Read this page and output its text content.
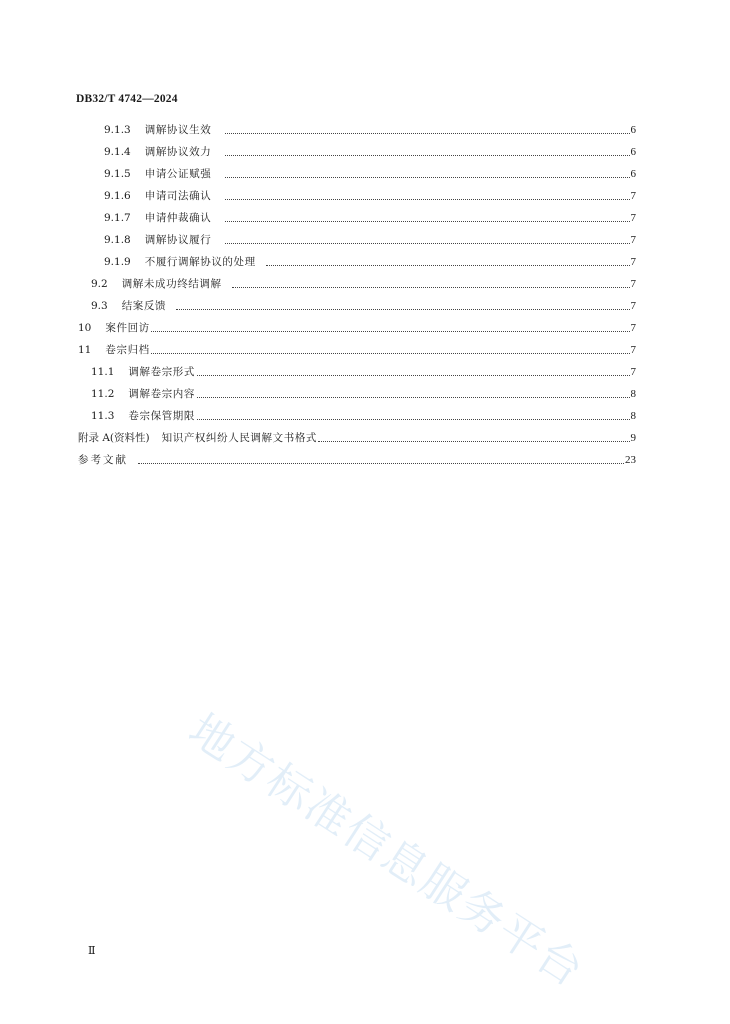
DB32/T 4742—2024
9.1.3 调解协议生效	6
9.1.4 调解协议效力	6
9.1.5 申请公证赋强	6
9.1.6 申请司法确认	7
9.1.7 申请仲裁确认	7
9.1.8 调解协议履行	7
9.1.9 不履行调解协议的处理	7
9.2 调解未成功终结调解	7
9.3 结案反馈	7
10 案件回访	7
11 卷宗归档	7
11.1 调解卷宗形式	7
11.2 调解卷宗内容	8
11.3 卷宗保管期限	8
附录 A(资料性) 知识产权纠纷人民调解文书格式	9
参考文献	23
地方标准信息服务平台
Ⅱ
